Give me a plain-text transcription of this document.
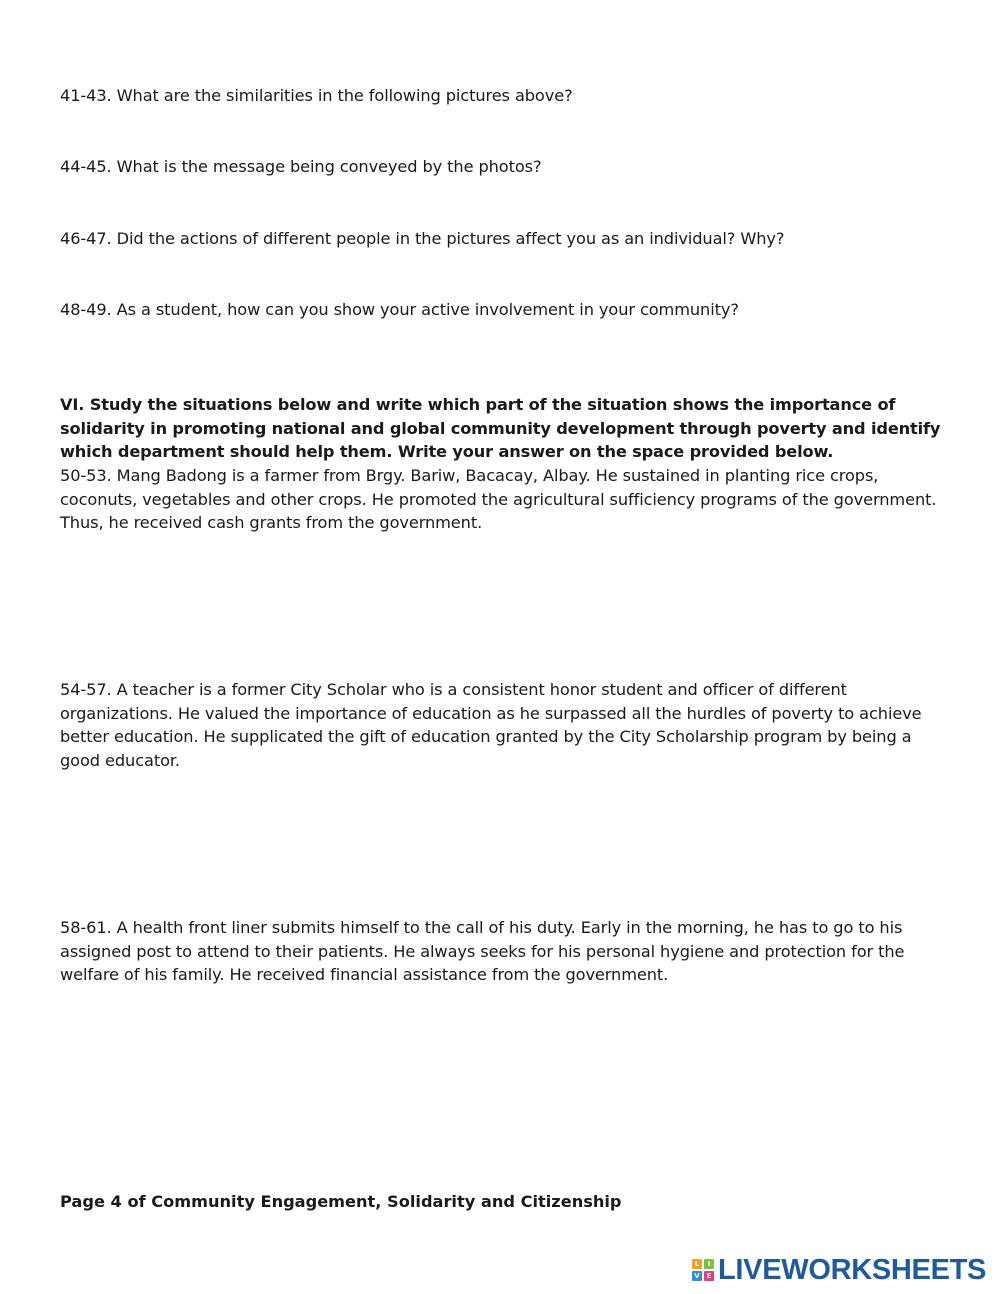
41-43. What are the similarities in the following pictures above?

44-45. What is the message being conveyed by the photos?

46-47. Did the actions of different people in the pictures affect you as an individual? Why?

48-49. As a student, how can you show your active involvement in your community?

VI. Study the situations below and write which part of the situation shows the importance of solidarity in promoting national and global community development through poverty and identify which department should help them. Write your answer on the space provided below.

50-53. Mang Badong is a farmer from Brgy. Bariw, Bacacay, Albay. He sustained in planting rice crops, coconuts, vegetables and other crops. He promoted the agricultural sufficiency programs of the government. Thus, he received cash grants from the government.

54-57. A teacher is a former City Scholar who is a consistent honor student and officer of different organizations. He valued the importance of education as he surpassed all the hurdles of poverty to achieve better education. He supplicated the gift of education granted by the City Scholarship program by being a good educator.

58-61. A health front liner submits himself to the call of his duty. Early in the morning, he has to go to his assigned post to attend to their patients. He always seeks for his personal hygiene and protection for the welfare of his family. He received financial assistance from the government.

Page 4 of Community Engagement, Solidarity and Citizenship

L	I
V E LIVEWORKSHEETS
